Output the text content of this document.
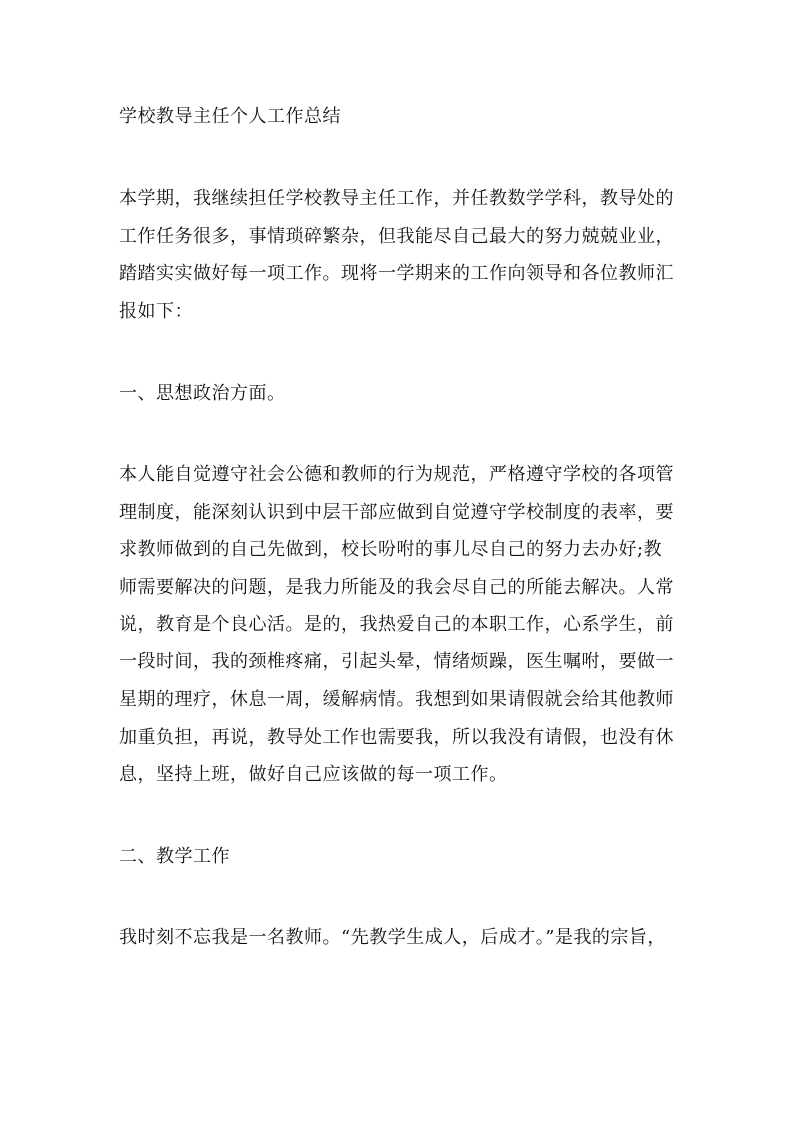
学校教导主任个人工作总结
本学期，我继续担任学校教导主任工作，并任教数学学科，教导处的
工作任务很多，事情琐碎繁杂，但我能尽自己最大的努力兢兢业业，
踏踏实实做好每一项工作。现将一学期来的工作向领导和各位教师汇
报如下：
一、思想政治方面。
本人能自觉遵守社会公德和教师的行为规范，严格遵守学校的各项管
理制度，能深刻认识到中层干部应做到自觉遵守学校制度的表率，要
求教师做到的自己先做到，校长吩咐的事儿尽自己的努力去办好;教
师需要解决的问题，是我力所能及的我会尽自己的所能去解决。人常
说，教育是个良心活。是的，我热爱自己的本职工作，心系学生，前
一段时间，我的颈椎疼痛，引起头晕，情绪烦躁，医生嘱咐，要做一
星期的理疗，休息一周，缓解病情。我想到如果请假就会给其他教师
加重负担，再说，教导处工作也需要我，所以我没有请假，也没有休
息，坚持上班，做好自己应该做的每一项工作。
二、教学工作
我时刻不忘我是一名教师。“先教学生成人，后成才。”是我的宗旨，
